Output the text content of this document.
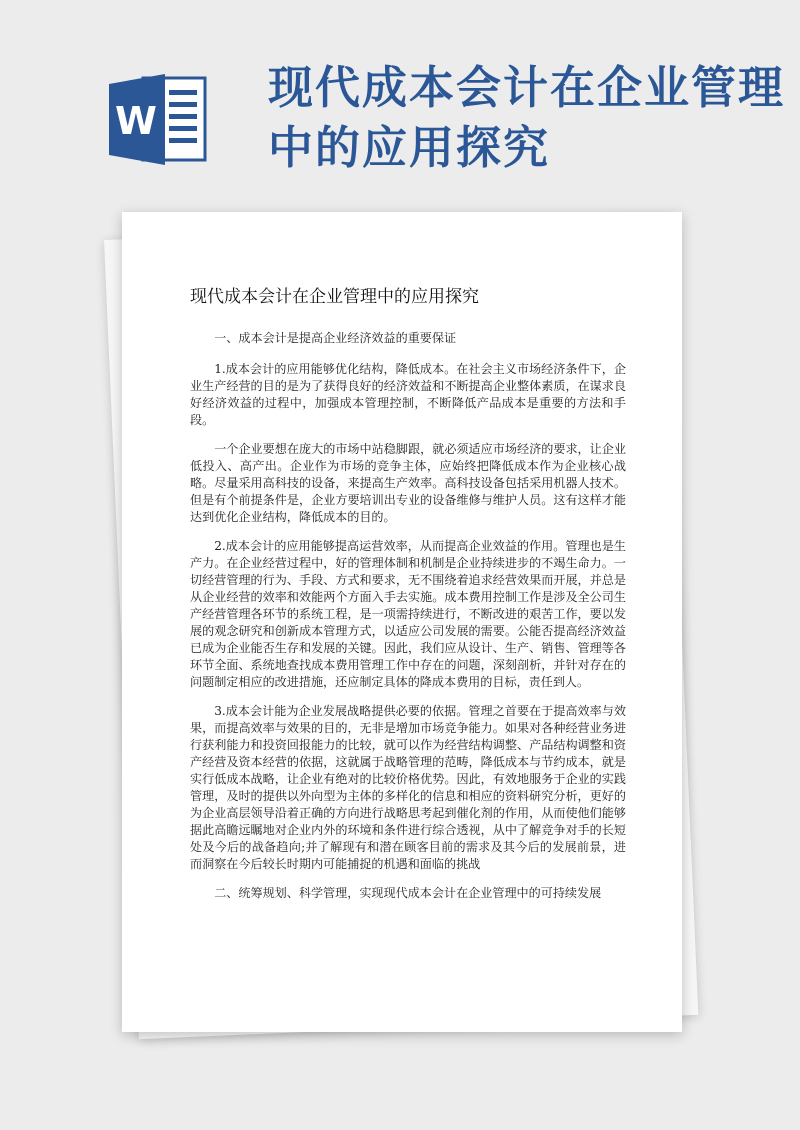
现代成本会计在企业管理中的应用探究
W
现代成本会计在企业管理中的应用探究

一、成本会计是提高企业经济效益的重要保证

1.成本会计的应用能够优化结构，降低成本。在社会主义市场经济条件下，企业生产经营的目的是为了获得良好的经济效益和不断提高企业整体素质，在谋求良好经济效益的过程中，加强成本管理控制，不断降低产品成本是重要的方法和手段。

一个企业要想在庞大的市场中站稳脚跟，就必须适应市场经济的要求，让企业低投入、高产出。企业作为市场的竞争主体，应始终把降低成本作为企业核心战略。尽量采用高科技的设备，来提高生产效率。高科技设备包括采用机器人技术。但是有个前提条件是，企业方要培训出专业的设备维修与维护人员。这有这样才能达到优化企业结构，降低成本的目的。

2.成本会计的应用能够提高运营效率，从而提高企业效益的作用。管理也是生产力。在企业经营过程中，好的管理体制和机制是企业持续进步的不竭生命力。一切经营管理的行为、手段、方式和要求，无不围绕着追求经营效果而开展，并总是从企业经营的效率和效能两个方面入手去实施。成本费用控制工作是涉及全公司生产经营管理各环节的系统工程，是一项需持续进行，不断改进的艰苦工作，要以发展的观念研究和创新成本管理方式，以适应公司发展的需要。公能否提高经济效益已成为企业能否生存和发展的关键。因此，我们应从设计、生产、销售、管理等各环节全面、系统地查找成本费用管理工作中存在的问题，深刻剖析，并针对存在的问题制定相应的改进措施，还应制定具体的降成本费用的目标，责任到人。

3.成本会计能为企业发展战略提供必要的依据。管理之首要在于提高效率与效果，而提高效率与效果的目的，无非是增加市场竞争能力。如果对各种经营业务进行获利能力和投资回报能力的比较，就可以作为经营结构调整、产品结构调整和资产经营及资本经营的依据，这就属于战略管理的范畴，降低成本与节约成本，就是实行低成本战略，让企业有绝对的比较价格优势。因此，有效地服务于企业的实践管理，及时的提供以外向型为主体的多样化的信息和相应的资料研究分析，更好的为企业高层领导沿着正确的方向进行战略思考起到催化剂的作用，从而使他们能够据此高瞻远瞩地对企业内外的环境和条件进行综合透视，从中了解竞争对手的长短处及今后的战备趋向;并了解现有和潜在顾客目前的需求及其今后的发展前景，进而洞察在今后较长时期内可能捕捉的机遇和面临的挑战

二、统筹规划、科学管理，实现现代成本会计在企业管理中的可持续发展
